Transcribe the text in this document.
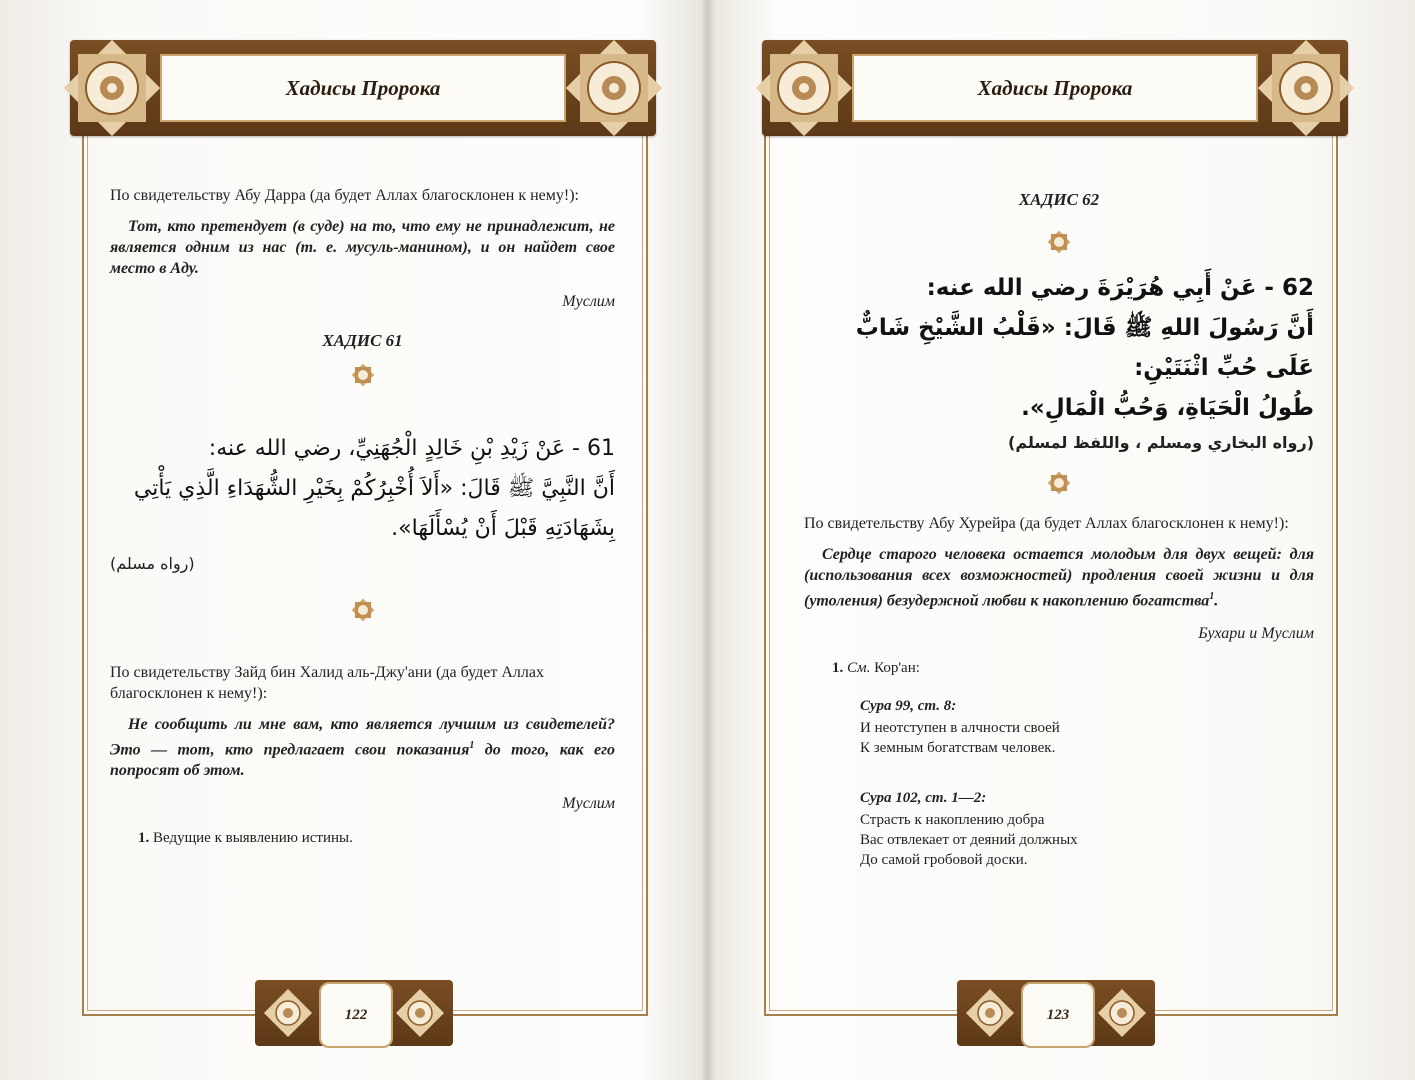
Хадисы Пророка

По свидетельству Абу Дарра (да будет Аллах благосклонен к нему!):

Тот, кто претендует (в суде) на то, что ему не принадлежит, не является одним из нас (т. е. мусуль-манином), и он найдет свое место в Аду.

Муслим

ХАДИС 61
61 - عَنْ زَيْدِ بْنِ خَالِدٍ الْجُهَنِيِّ، رضي الله عنه:
أَنَّ النَّبِيَّ ﷺ قَالَ: «أَلاَ أُخْبِرُكُمْ بِخَيْرِ الشُّهَدَاءِ الَّذِي يَأْتِي
بِشَهَادَتِهِ قَبْلَ أَنْ يُسْأَلَهَا».
(رواه مسلم)

По свидетельству Зайд бин Халид аль-Джу'ани (да будет Аллах благосклонен к нему!):

Не сообщить ли мне вам, кто является лучшим из свидетелей? Это — тот, кто предлагает свои показания$^1$ до того, как его попросят об этом.

Муслим

1. Ведущие к выявлению истины.

122
Хадисы Пророка
ХАДИС 62
62 - عَنْ أَبِي هُرَيْرَةَ رضي الله عنه:
أَنَّ رَسُولَ اللهِ ﷺ قَالَ: «قَلْبُ الشَّيْخِ شَابٌّ عَلَى حُبِّ اثْنَتَيْنِ:
طُولُ الْحَيَاةِ، وَحُبُّ الْمَالِ».
(رواه البخاري ومسلم ، واللفظ لمسلم)

По свидетельству Абу Хурейра (да будет Аллах благосклонен к нему!):

Сердце старого человека остается молодым для двух вещей: для (использования всех возможностей) продления своей жизни и для (утоления) безудержной любви к накоплению богатства$^1$.

Бухари и Муслим

1. См. Кор'ан:
Сура 99, ст. 8:
И неотступен в алчности своей
К земным богатствам человек.
Сура 102, ст. 1—2:
Страсть к накоплению добра
Вас отвлекает от деяний должных
До самой гробовой доски.
123
